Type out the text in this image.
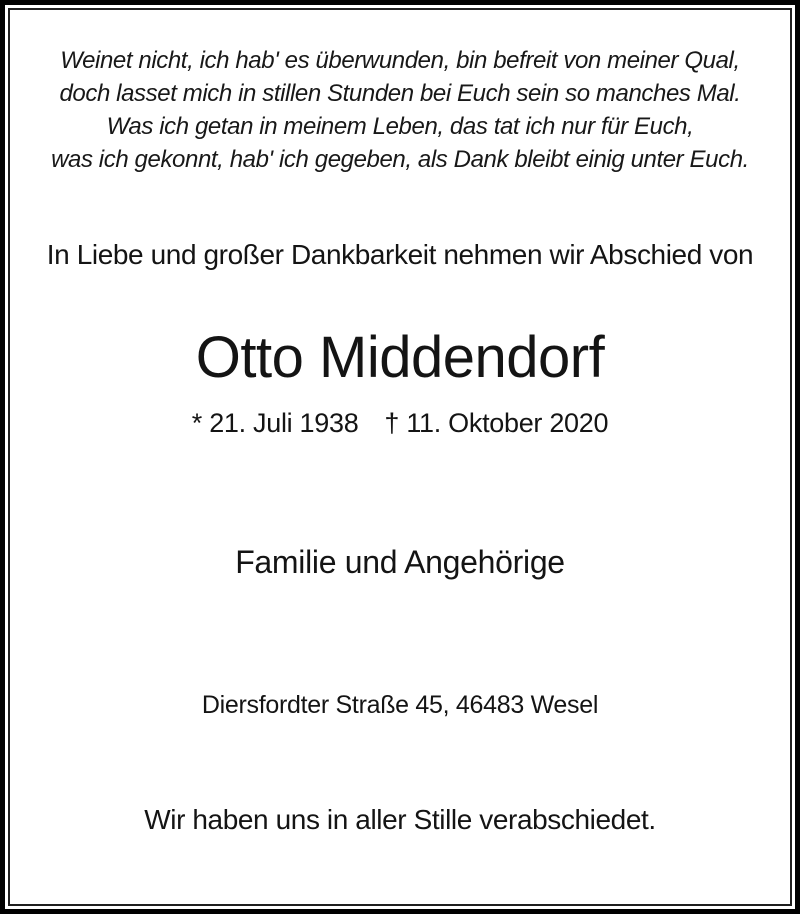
Weinet nicht, ich hab' es überwunden, bin befreit von meiner Qual,
doch lasset mich in stillen Stunden bei Euch sein so manches Mal.
Was ich getan in meinem Leben, das tat ich nur für Euch,
was ich gekonnt, hab' ich gegeben, als Dank bleibt einig unter Euch.
In Liebe und großer Dankbarkeit nehmen wir Abschied von
Otto Middendorf
* 21. Juli 1938 † 11. Oktober 2020
Familie und Angehörige
Diersfordter Straße 45, 46483 Wesel
Wir haben uns in aller Stille verabschiedet.
